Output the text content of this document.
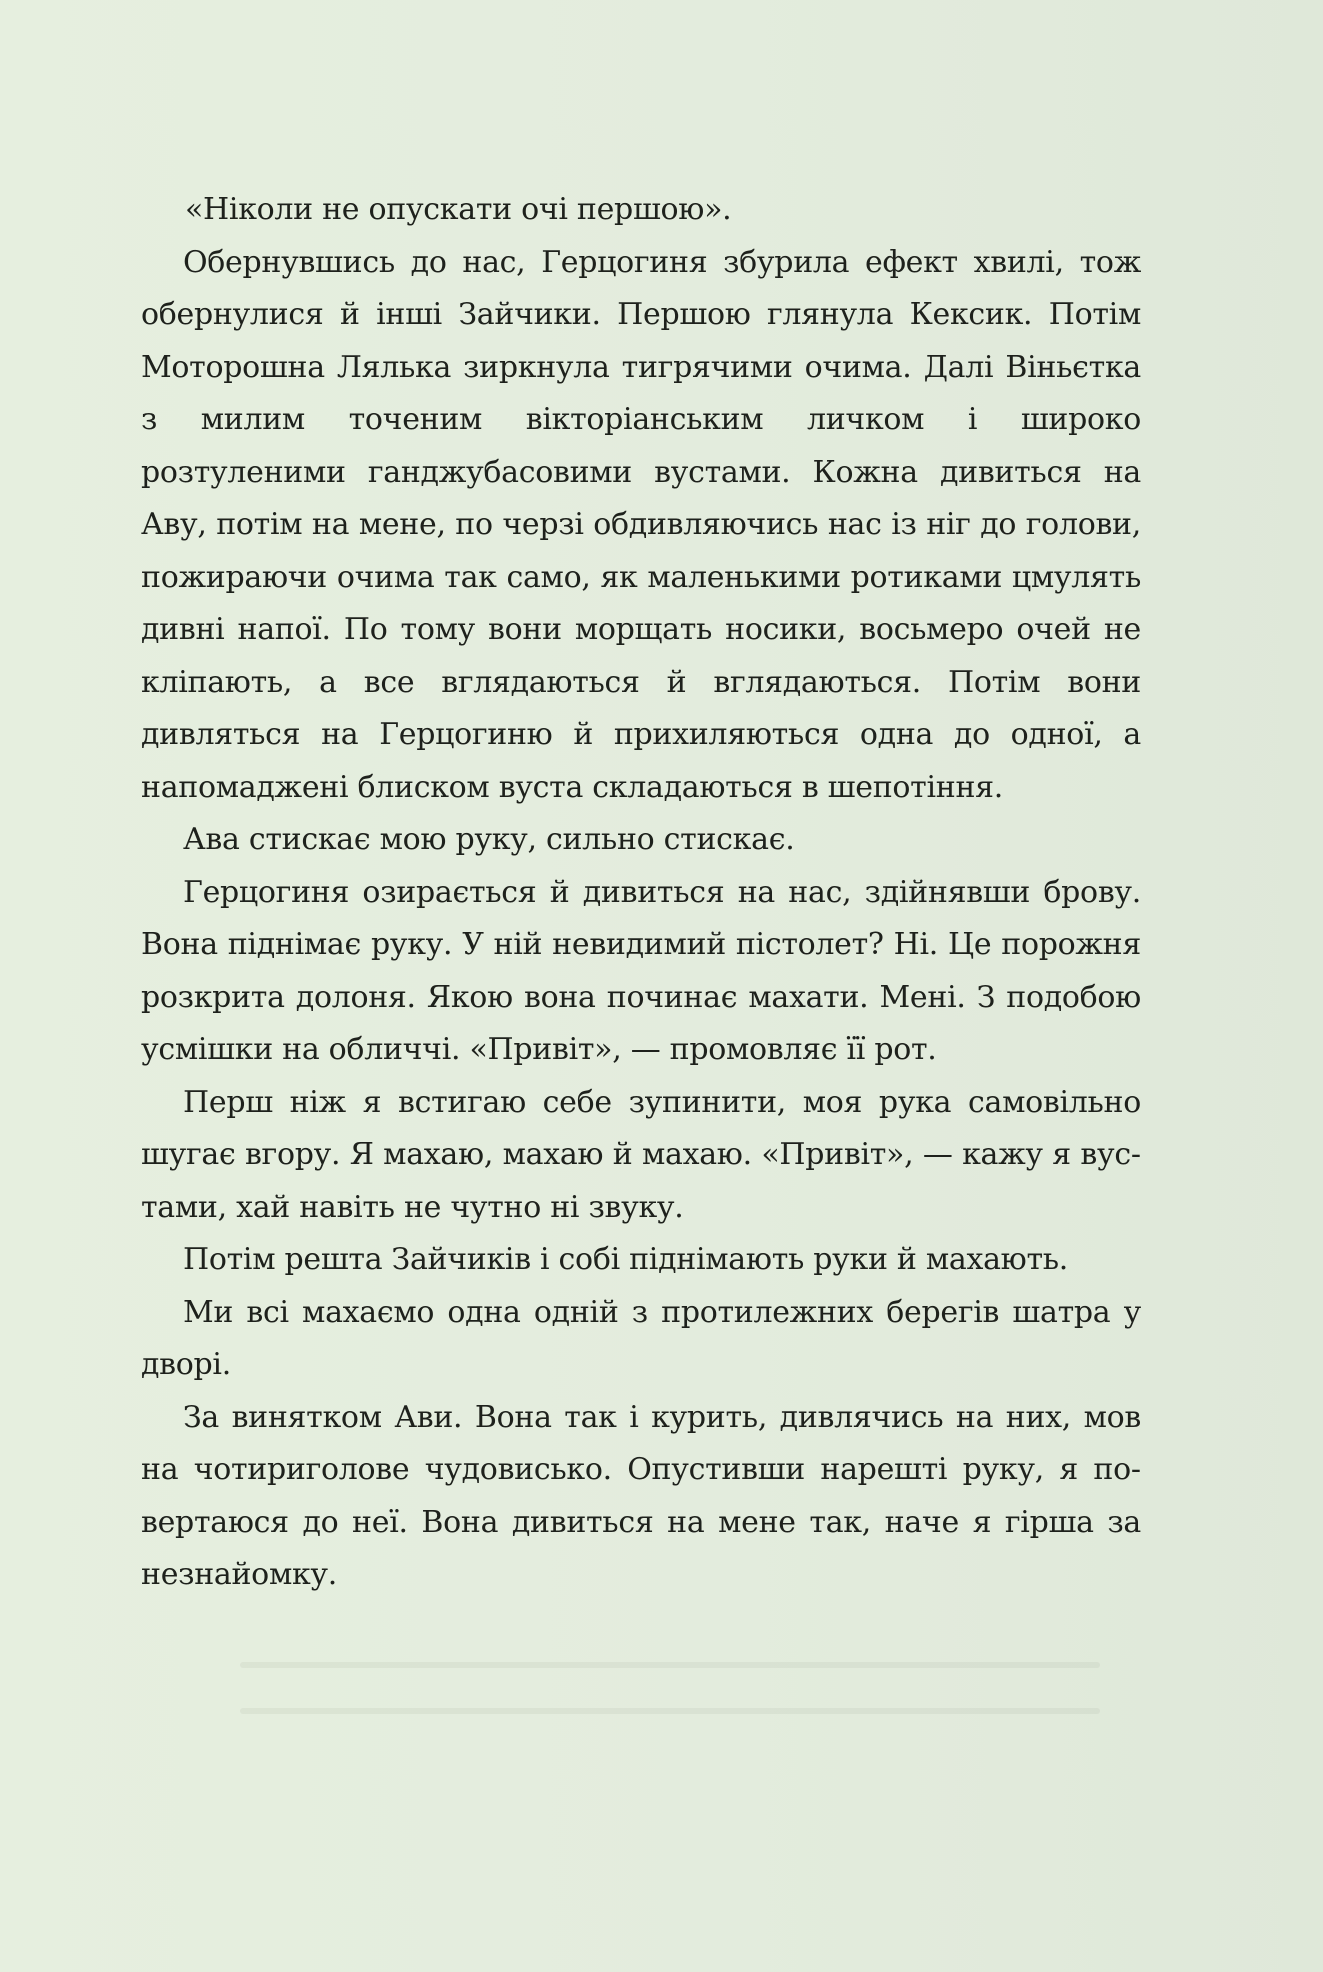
«Ніколи не опускати очі першою».

Обернувшись до нас, Герцогиня збурила ефект хвилі, тож обернулися й інші Зайчики. Першою глянула Кексик. Потім Моторошна Лялька зиркнула тигрячими очима. Далі Віньєтка з милим точеним вікторіанським личком і широко розтуленими ганджубасовими вустами. Кожна дивиться на Аву, потім на мене, по черзі обдивляючись нас із ніг до голови, пожираючи очима так само, як маленькими ротиками цмулять дивні напої. По тому вони морщать носики, восьмеро очей не кліпають, а все вглядаються й вглядаються. Потім вони дивляться на Герцогиню й прихиляються одна до одної, а напомаджені блиском вуста складаються в шепотіння.

Ава стискає мою руку, сильно стискає.

Герцогиня озирається й дивиться на нас, здійнявши брову. Вона піднімає руку. У ній невидимий пістолет? Ні. Це порожня розкрита долоня. Якою вона починає махати. Мені. З подобою усмішки на обличчі. «Привіт», — промовляє її рот.

Перш ніж я встигаю себе зупинити, моя рука самовільно шугає вгору. Я махаю, махаю й махаю. «Привіт», — кажу я вустами, хай навіть не чутно ні звуку.

Потім решта Зайчиків і собі піднімають руки й махають.

Ми всі махаємо одна одній з протилежних берегів шатра у дворі.

За винятком Ави. Вона так і курить, дивлячись на них, мов на чотириголове чудовисько. Опустивши нарешті руку, я повертаюся до неї. Вона дивиться на мене так, наче я гірша за незнайомку.
